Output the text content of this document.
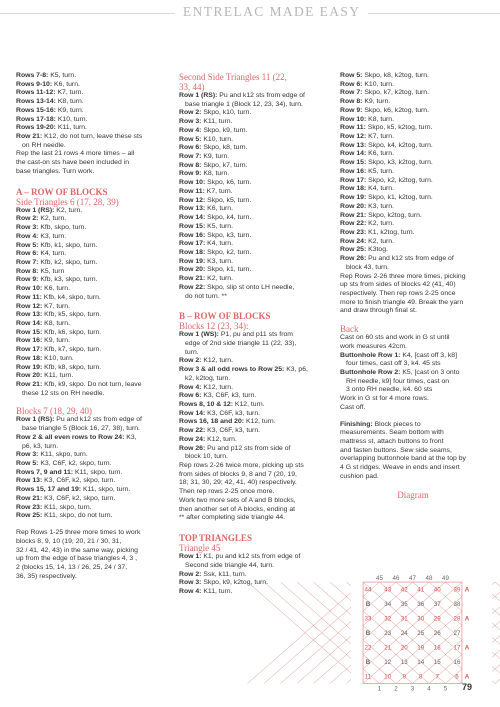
ENTRELAC MADE EASY
Rows 7-8: K5, turn.
Rows 9-10: K6, turn.
Rows 11-12: K7, turn.
Rows 13-14: K8, turn.
Rows 15-16: K9, turn.
Rows 17-18: K10, turn.
Rows 19-20: K11, turn.
Row 21: K12, do not turn, leave these sts
on RH needle.
Rep the last 21 rows 4 more times – all
the cast-on sts have been included in
base triangles. Turn work.
A – ROW OF BLOCKS
Side Triangles 6 (17, 28, 39)
Row 1 (RS): K2, turn.
Row 2: K2, turn.
Row 3: Kfb, skpo, turn.
Row 4: K3, turn.
Row 5: Kfb, k1, skpo, turn.
Row 6: K4, turn.
Row 7: Kfb, k2, skpo, turn.
Row 8: K5, turn
Row 9: Kfb, k3, skpo, turn.
Row 10: K6, turn.
Row 11: Kfb, k4, skpo, turn.
Row 12: K7, turn.
Row 13: Kfb, k5, skpo, turn.
Row 14: K8, turn.
Row 15: Kfb, k6, skpo, turn.
Row 16: K9, turn.
Row 17: Kfb, k7, skpo, turn.
Row 18: K10, turn.
Row 19: Kfb, k8, skpo, turn.
Row 20: K11, turn.
Row 21: Kfb, k9, skpo. Do not turn, leave
these 12 sts on RH needle.
Blocks 7 (18, 29, 40)
Row 1 (RS): Pu and k12 sts from edge of
base triangle 5 (Block 16, 27, 38), turn.
Row 2 & all even rows to Row 24: K3,
p6, k3, turn.
Row 3: K11, skpo, turn.
Row 5: K3, C6F, k2, skpo, turn.
Rows 7, 9 and 11: K11, skpo, turn.
Row 13: K3, C6F, k2, skpo, turn.
Rows 15, 17 and 19: K11, skpo, turn.
Row 21: K3, C6F, k2, skpo, turn.
Row 23: K11, skpo, turn.
Row 25: K11, skpo, do not turn.
Rep Rows 1-25 three more times to work
blocks 8, 9, 10 (19, 20, 21 / 30, 31,
32 / 41, 42, 43) in the same way, picking
up from the edge of base triangles 4, 3 ,
2 (blocks 15, 14, 13 / 26, 25, 24 / 37,
36, 35) respectively.
Second Side Triangles 11 (22,
33, 44)
Row 1 (RS): Pu and k12 sts from edge of
base triangle 1 (Block 12, 23, 34), turn.
Row 2: Skpo, k10, turn.
Row 3: K11, turn.
Row 4: Skpo, k9, turn.
Row 5: K10, turn.
Row 6: Skpo, k8, turn.
Row 7: K9, turn.
Row 8: Skpo, k7, turn.
Row 9: K8, turn.
Row 10: Skpo, k6, turn.
Row 11: K7, turn.
Row 12: Skpo, k5, turn.
Row 13: K6, turn.
Row 14: Skpo, k4, turn.
Row 15: K5, turn.
Row 16: Skpo, k3, turn.
Row 17: K4, turn.
Row 18: Skpo, k2, turn.
Row 19: K3, turn.
Row 20: Skpo, k1, turn.
Row 21: K2, turn.
Row 22: Skpo, slip st onto LH needle,
do not turn. **
B – ROW OF BLOCKS
Blocks 12 (23, 34):
Row 1 (WS): P1, pu and p11 sts from
edge of 2nd side triangle 11 (22, 33),
turn.
Row 2: K12, turn.
Row 3 & all odd rows to Row 25: K3, p6,
k2, k2tog, turn.
Row 4: K12, turn.
Row 6: K3, C6F, k3, turn.
Rows 8, 10 & 12: K12, turn.
Row 14: K3, C6F, k3, turn.
Rows 16, 18 and 20: K12, turn.
Row 22: K3, C6F, k3, turn.
Row 24: K12, turn.
Row 26: Pu and p12 sts from side of
block 10, turn.
Rep rows 2-26 twice more, picking up sts
from sides of blocks 9, 8 and 7 (20, 19,
18; 31, 30, 29; 42, 41, 40) respectively.
Then rep rows 2-25 once more.
Work two more sets of A and B blocks,
then another set of A blocks, ending at
** after completing side triangle 44.
TOP TRIANGLES
Triangle 45
Row 1: K1, pu and k12 sts from edge of
Second side triangle 44, turn.
Row 2: Ssk, k11, turn.
Row 3: Skpo, k9, k2tog, turn.
Row 4: K11, turn.
Row 5: Skpo, k8, k2tog, turn.
Row 6: K10, turn.
Row 7: Skpo, k7, k2tog, turn.
Row 8: K9, turn.
Row 9: Skpo, k6, k2tog, turn.
Row 10: K8, turn.
Row 11: Skpo, k5, k2tog, turn.
Row 12: K7, turn.
Row 13: Skpo, k4, k2tog, turn.
Row 14: K6, turn.
Row 15: Skpo, k3, k2tog, turn.
Row 16: K5, turn.
Row 17: Skpo, k2, k2tog, turn.
Row 18: K4, turn.
Row 19: Skpo, k1, k2tog, turn.
Row 20: K3, turn.
Row 21: Skpo, k2tog, turn.
Row 22: K2, turn.
Row 23: K1, k2tog, turn.
Row 24: K2, turn.
Row 25: K3tog.
Row 26: Pu and k12 sts from edge of
block 43, turn.
Rep Rows 2-26 three more times, picking
up sts from sides of blocks 42 (41, 40)
respectively. Then rep rows 2-25 once
more to finish triangle 49. Break the yarn
and draw through final st.
Back
Cast on 60 sts and work in G st until
work measures 42cm.
Buttonhole Row 1: K4, [cast off 3, k8]
four times, cast off 3, k4. 45 sts
Buttonhole Row 2: K5, [cast on 3 onto
RH needle, k9] four times, cast on
3 onto RH needle, k4. 60 sts
Work in G st for 4 more rows.
Cast off.
Finishing: Block pieces to
measurements. Seam bottom with
mattress st, attach buttons to front
and fasten buttons. Sew side seams,
overlapping buttonhole band at the top by
4 G st ridges. Weave in ends and insert
cushion pad.
Diagram
45 46 47 48 49
1 2 3 4 5
44 43 42 41 40 39 A
B 34 35 36 37 38
33 32 31 30 29 28 A
B 23 24 25 26 27
22 21 20 19 18 17 A
B 12 13 14 15 16
11 10 9 8 7	6 A
79
